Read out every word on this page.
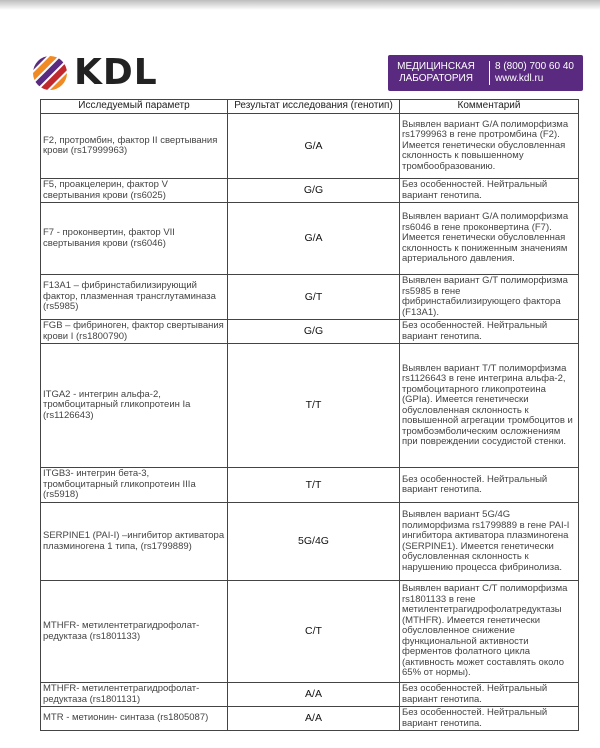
KDL	МЕДИЦИНСКАЯ ЛАБОРАТОРИЯ
8 (800) 700 60 40
www.kdl.ru
Исследуемый параметр	Результат исследования (генотип)	Комментарий
F2, протромбин, фактор II свертывания крови (rs17999963)	G/A	Выявлен вариант G/A полиморфизма rs1799963 в гене протромбина (F2). Имеется генетически обусловленная склонность к повышенному тромбообразованию.
F5, проакцелерин, фактор V свертывания крови (rs6025)	G/G	Без особенностей. Нейтральный вариант генотипа.
F7 - проконвертин, фактор VII свертывания крови (rs6046)	G/A	Выявлен вариант G/A полиморфизма rs6046 в гене проконвертина (F7). Имеется генетически обусловленная склонность к пониженным значениям артериального давления.
F13A1 – фибринстабилизирующий фактор, плазменная трансглутаминаза (rs5985)	G/T	Выявлен вариант G/T полиморфизма rs5985 в гене фибринстабилизирующего фактора (F13A1).
FGB – фибриноген, фактор свертывания крови I (rs1800790)	G/G	Без особенностей. Нейтральный вариант генотипа.
ITGA2 - интегрин альфа-2, тромбоцитарный гликопротеин Ia (rs1126643)	T/T	Выявлен вариант T/T полиморфизма rs1126643 в гене интегрина альфа-2, тромбоцитарного гликопротеина (GPIa). Имеется генетически обусловленная склонность к повышенной агрегации тромбоцитов и тромбоэмболическим осложнениям при повреждении сосудистой стенки.
ITGB3- интегрин бета-3, тромбоцитарный гликопротеин IIIa (rs5918)	T/T	Без особенностей. Нейтральный вариант генотипа.
SERPINE1 (PAI-I) –ингибитор активатора плазминогена 1 типа, (rs1799889)	5G/4G	Выявлен вариант 5G/4G полиморфизма rs1799889 в гене PAI-I ингибитора активатора плазминогена (SERPINE1). Имеется генетически обусловленная склонность к нарушению процесса фибринолиза.
MTHFR- метилентетрагидрофолат-редуктаза (rs1801133)	C/T	Выявлен вариант C/T полиморфизма rs1801133 в гене метилентетрагидрофолатредуктазы (MTHFR). Имеется генетически обусловленное снижение функциональной активности ферментов фолатного цикла (активность может составлять около 65% от нормы).
MTHFR- метилентетрагидрофолат-редуктаза (rs1801131)	A/A	Без особенностей. Нейтральный вариант генотипа.
MTR - метионин- синтаза (rs1805087)	A/A	Без особенностей. Нейтральный вариант генотипа.
